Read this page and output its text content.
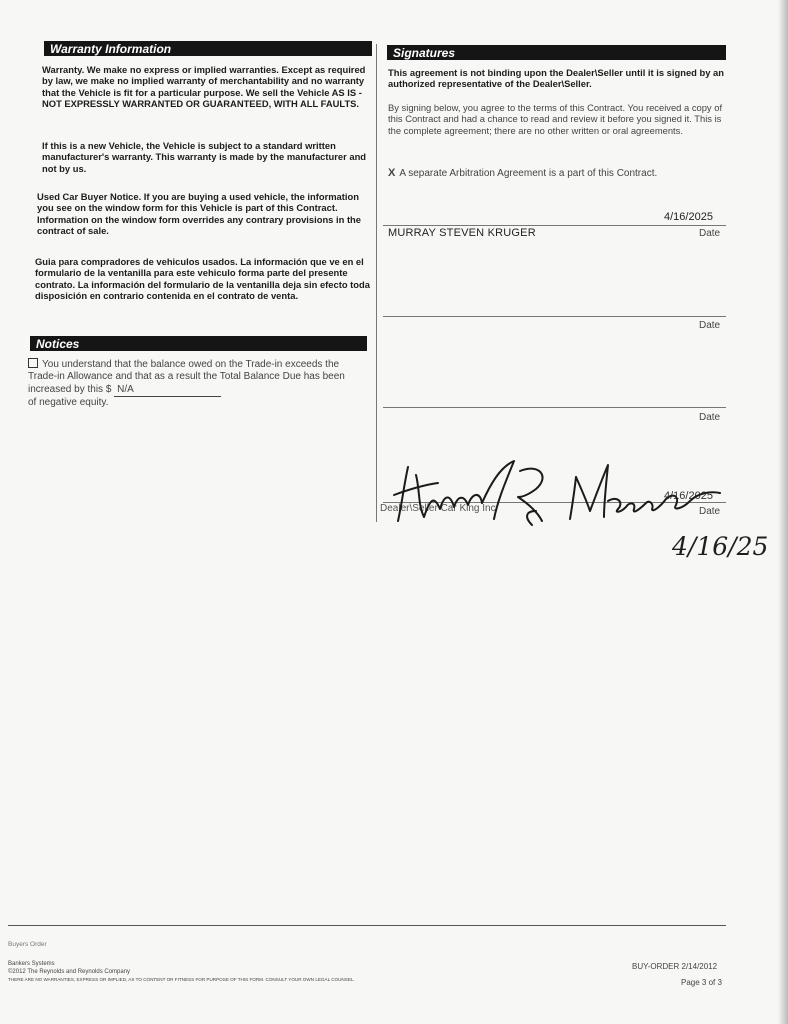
Warranty Information

Warranty. We make no express or implied warranties. Except as required by law, we make no implied warranty of merchantability and no warranty that the Vehicle is fit for a particular purpose. We sell the Vehicle AS IS - NOT EXPRESSLY WARRANTED OR GUARANTEED, WITH ALL FAULTS.

If this is a new Vehicle, the Vehicle is subject to a standard written manufacturer's warranty. This warranty is made by the manufacturer and not by us.

Used Car Buyer Notice. If you are buying a used vehicle, the information you see on the window form for this Vehicle is part of this Contract. Information on the window form overrides any contrary provisions in the contract of sale.

Guia para compradores de vehiculos usados. La información que ve en el formulario de la ventanilla para este vehiculo forma parte del presente contrato. La información del formulario de la ventanilla deja sin efecto toda disposición en contrario contenida en el contrato de venta.

Notices

You understand that the balance owed on the Trade-in exceeds the Trade-in Allowance and that as a result the Total Balance Due has been increased by this $ N/A
of negative equity.

Signatures

This agreement is not binding upon the Dealer\Seller until it is signed by an authorized representative of the Dealer\Seller.

By signing below, you agree to the terms of this Contract. You received a copy of this Contract and had a chance to read and review it before you signed it. This is the complete agreement; there are no other written or oral agreements.

X A separate Arbitration Agreement is a part of this Contract.

4/16/2025
MURRAY STEVEN KRUGER	Date
Date
Date
Dealer\Seller Car King Inc
4/16/2025
Date
4/16/25
Buyers Order
Bankers Systems
©2012 The Reynolds and Reynolds Company
THERE ARE NO WARRANTIES, EXPRESS OR IMPLIED, AS TO CONTENT OR FITNESS FOR PURPOSE OF THIS FORM. CONSULT YOUR OWN LEGAL COUNSEL.
BUY-ORDER 2/14/2012
Page 3 of 3
